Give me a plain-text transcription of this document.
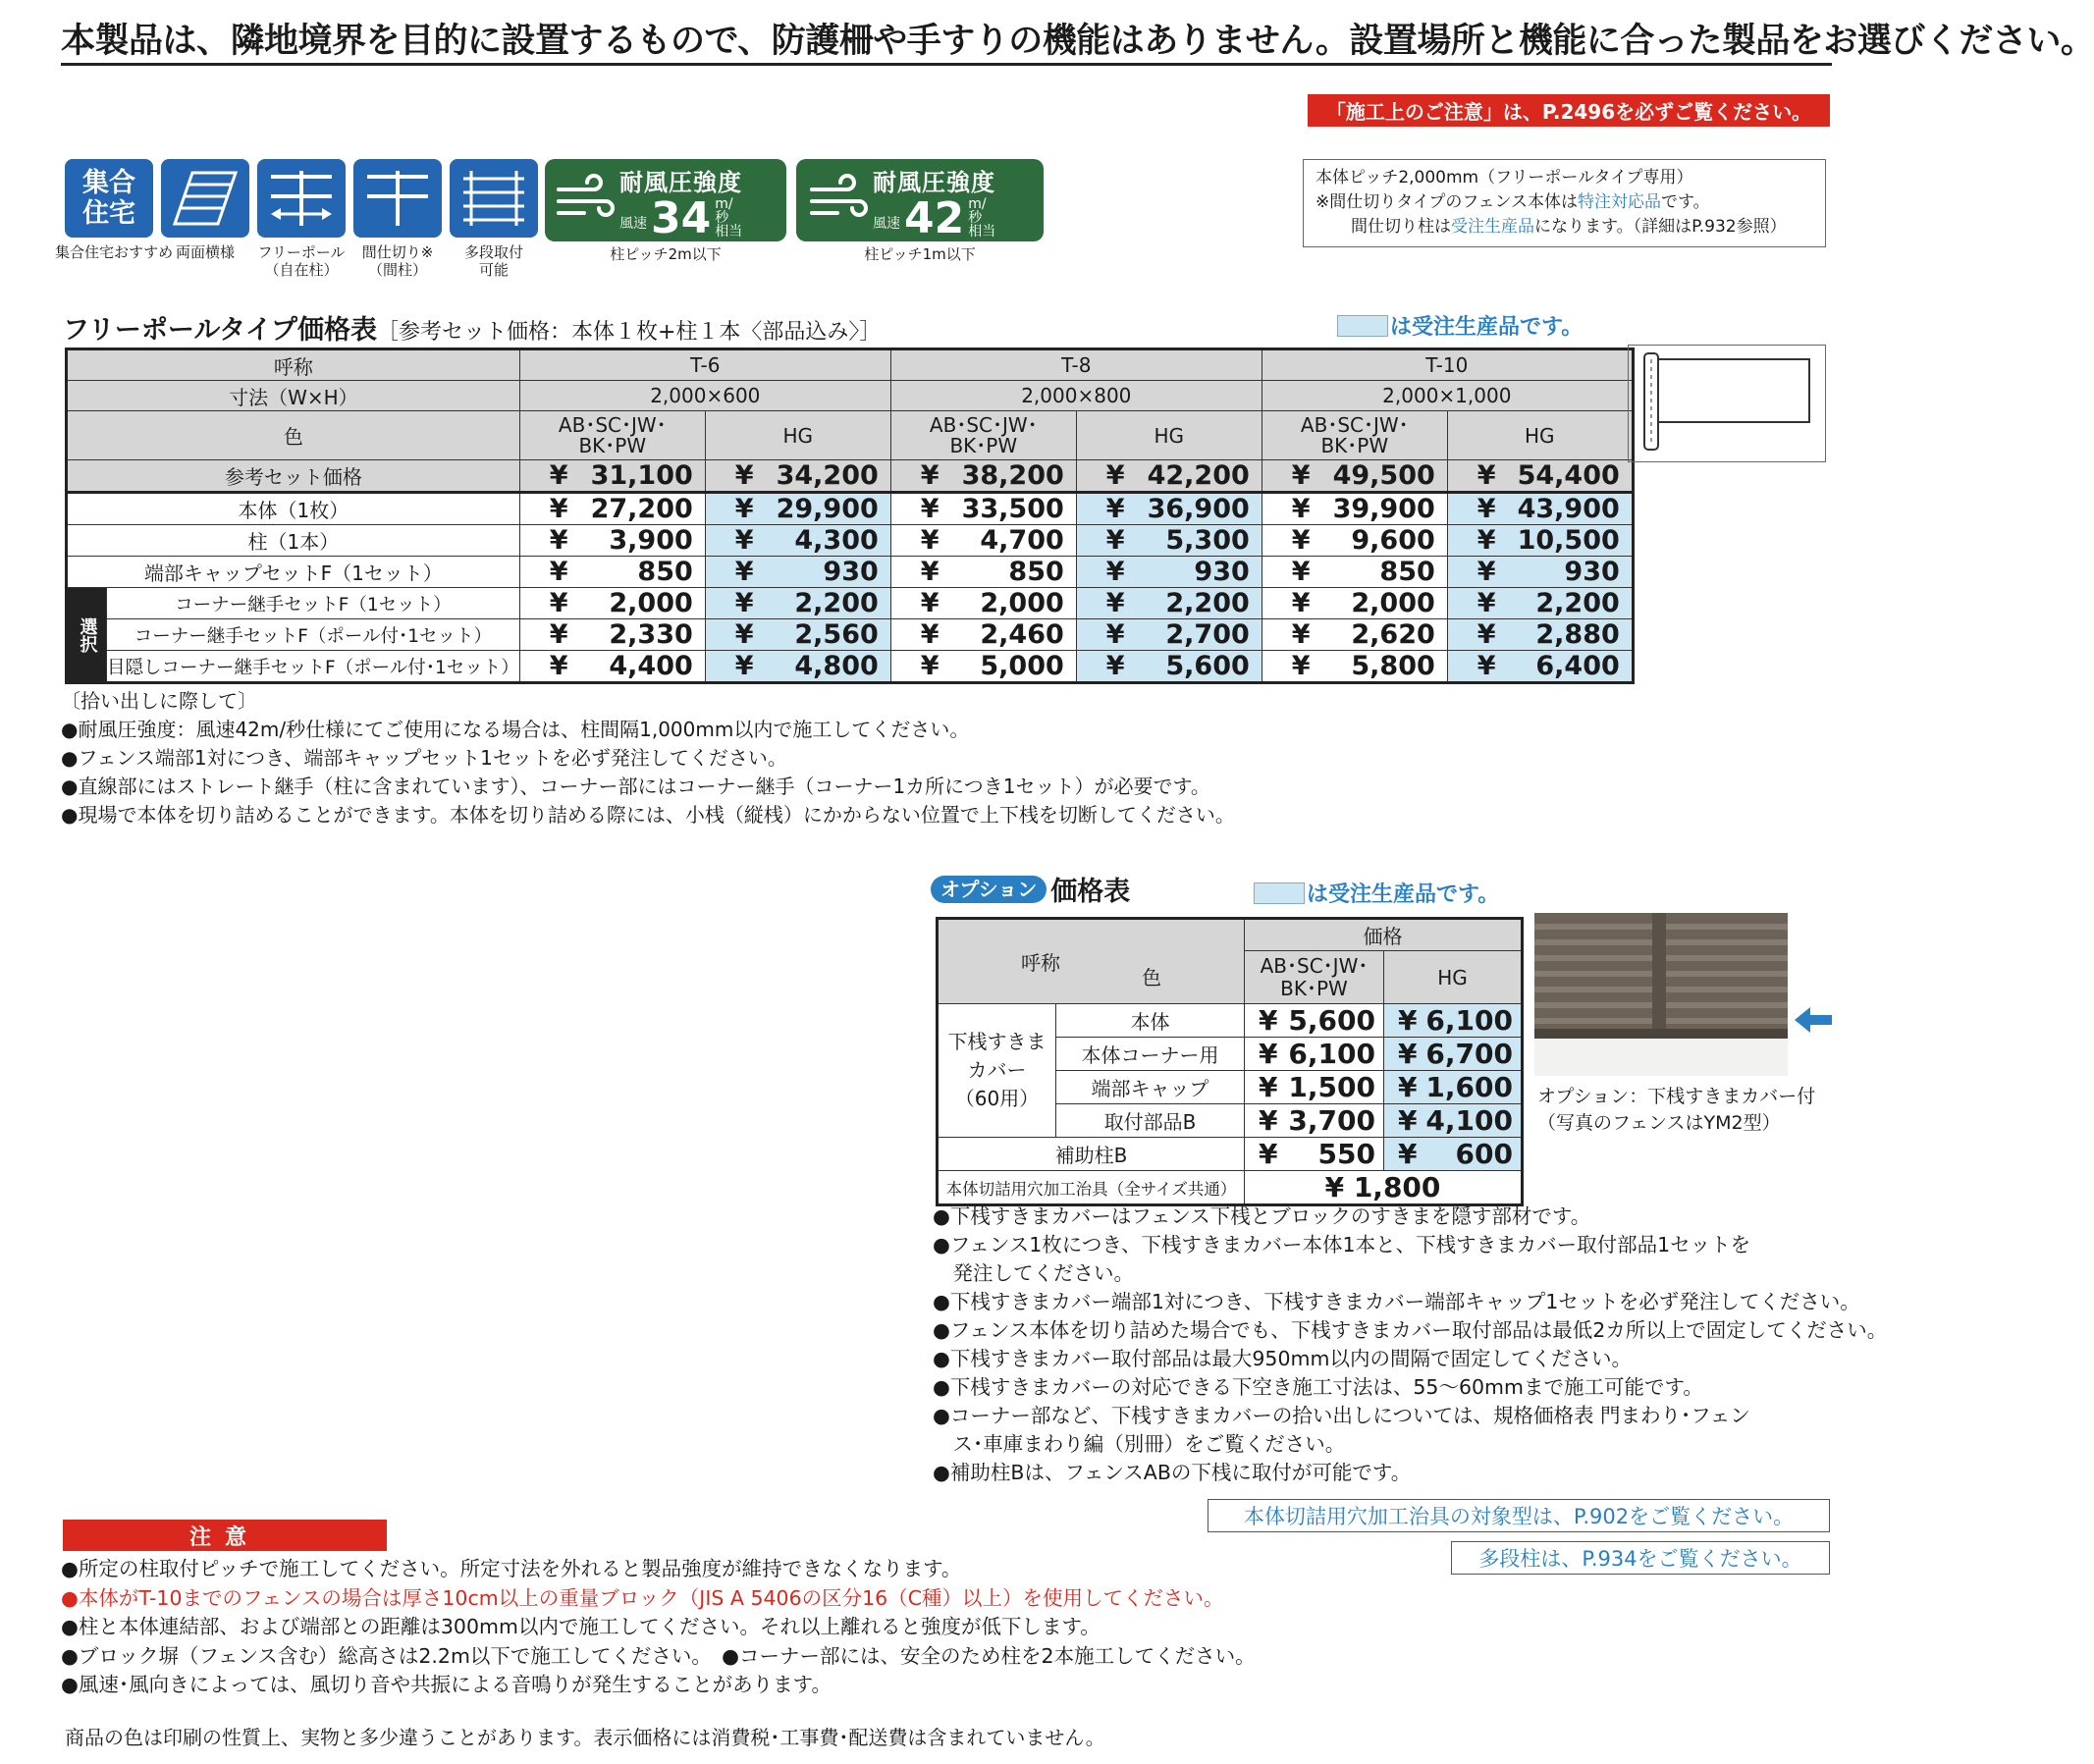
本製品は、隣地境界を目的に設置するもので、防護柵や手すりの機能はありません。設置場所と機能に合った製品をお選びください。
「施工上のご注意」は、P.2496を必ずご覧ください。
集合
住宅
集合住宅おすすめ 両面横様	フリーポール
（自在柱）
間仕切り※
（間柱）
多段取付
可能
耐風圧強度
風速 34 m/
秒
相当
耐風圧強度
風速 42 m/
秒
相当
柱ピッチ2m以下	柱ピッチ1m以下
本体ピッチ2,000mm（フリーポールタイプ専用）
※間仕切りタイプのフェンス本体は特注対応品です。
間仕切り柱は受注生産品になります。（詳細はP.932参照）
フリーポールタイプ価格表［参考セット価格：本体１枚+柱１本〈部品込み〉］	は受注生産品です。
呼称		T-6		T-8		T-10	
寸法（W×H）		2,000×600		2,000×800		2,000×1,000	
色		AB･SC･JW･
BK･PW	HG	AB･SC･JW･
BK･PW	HG	AB･SC･JW･
BK･PW	HG
参考セット価格		¥ 31,100	¥ 34,200	¥ 38,200	¥ 42,200	¥ 49,500	¥ 54,400

本体（1枚）		¥ 27,200	¥ 29,900	¥ 33,500	¥ 36,900	¥ 39,900	¥ 43,900

柱（1本）		¥ 3,900	¥ 4,300	¥ 4,700	¥ 5,300	¥ 9,600	¥ 10,500

端部キャップセットF（1セット）		¥ 850	¥ 930	¥ 850	¥ 930	¥ 850	¥ 930

選択	コーナー継手セットF（1セット）	¥ 2,000	¥ 2,200	¥ 2,000	¥ 2,200	¥ 2,000	¥ 2,200

	コーナー継手セットF（ポール付･1セット）	¥ 2,330	¥ 2,560	¥ 2,460	¥ 2,700	¥ 2,620	¥ 2,880

	目隠しコーナー継手セットF（ポール付･1セット）	¥ 4,400	¥ 4,800	¥ 5,000	¥ 5,600	¥ 5,800	¥ 6,400
〔拾い出しに際して〕
●耐風圧強度：風速42m/秒仕様にてご使用になる場合は、柱間隔1,000mm以内で施工してください。
●フェンス端部1対につき、端部キャップセット1セットを必ず発注してください。
●直線部にはストレート継手（柱に含まれています）、コーナー部にはコーナー継手（コーナー1カ所につき1セット）が必要です。
●現場で本体を切り詰めることができます。本体を切り詰める際には、小桟（縦桟）にかからない位置で上下桟を切断してください。
オプション 価格表	は受注生産品です。
呼称		価格	
		AB･SC･JW･
BK･PW	HG
下桟すきま
カバー
（60用）	本体	¥ 5,600	¥ 6,100

	本体コーナー用	¥ 6,100	¥ 6,700

	端部キャップ	¥ 1,500	¥ 1,600

	取付部品B	¥ 3,700	¥ 4,100

補助柱B		¥ 550	¥ 600

本体切詰用穴加工治具（全サイズ共通）		¥ 1,800	
色
オプション：下桟すきまカバー付
（写真のフェンスはYM2型）
●下桟すきまカバーはフェンス下桟とブロックのすきまを隠す部材です。
●フェンス1枚につき、下桟すきまカバー本体1本と、下桟すきまカバー取付部品1セットを
　発注してください。
●下桟すきまカバー端部1対につき、下桟すきまカバー端部キャップ1セットを必ず発注してください。
●フェンス本体を切り詰めた場合でも、下桟すきまカバー取付部品は最低2カ所以上で固定してください。
●下桟すきまカバー取付部品は最大950mm以内の間隔で固定してください。
●下桟すきまカバーの対応できる下空き施工寸法は、55～60mmまで施工可能です。
●コーナー部など、下桟すきまカバーの拾い出しについては、規格価格表 門まわり･フェン
　ス･車庫まわり編（別冊）をご覧ください。
●補助柱Bは、フェンスABの下桟に取付が可能です。
本体切詰用穴加工治具の対象型は、P.902をご覧ください。
多段柱は、P.934をご覧ください。
注意
●所定の柱取付ピッチで施工してください。所定寸法を外れると製品強度が維持できなくなります。
●本体がT-10までのフェンスの場合は厚さ10cm以上の重量ブロック（JIS A 5406の区分16（C種）以上）を使用してください。
●柱と本体連結部、および端部との距離は300mm以内で施工してください。それ以上離れると強度が低下します。
●ブロック塀（フェンス含む）総高さは2.2m以下で施工してください。　●コーナー部には、安全のため柱を2本施工してください。
●風速･風向きによっては、風切り音や共振による音鳴りが発生することがあります。
商品の色は印刷の性質上、実物と多少違うことがあります。表示価格には消費税･工事費･配送費は含まれていません。
